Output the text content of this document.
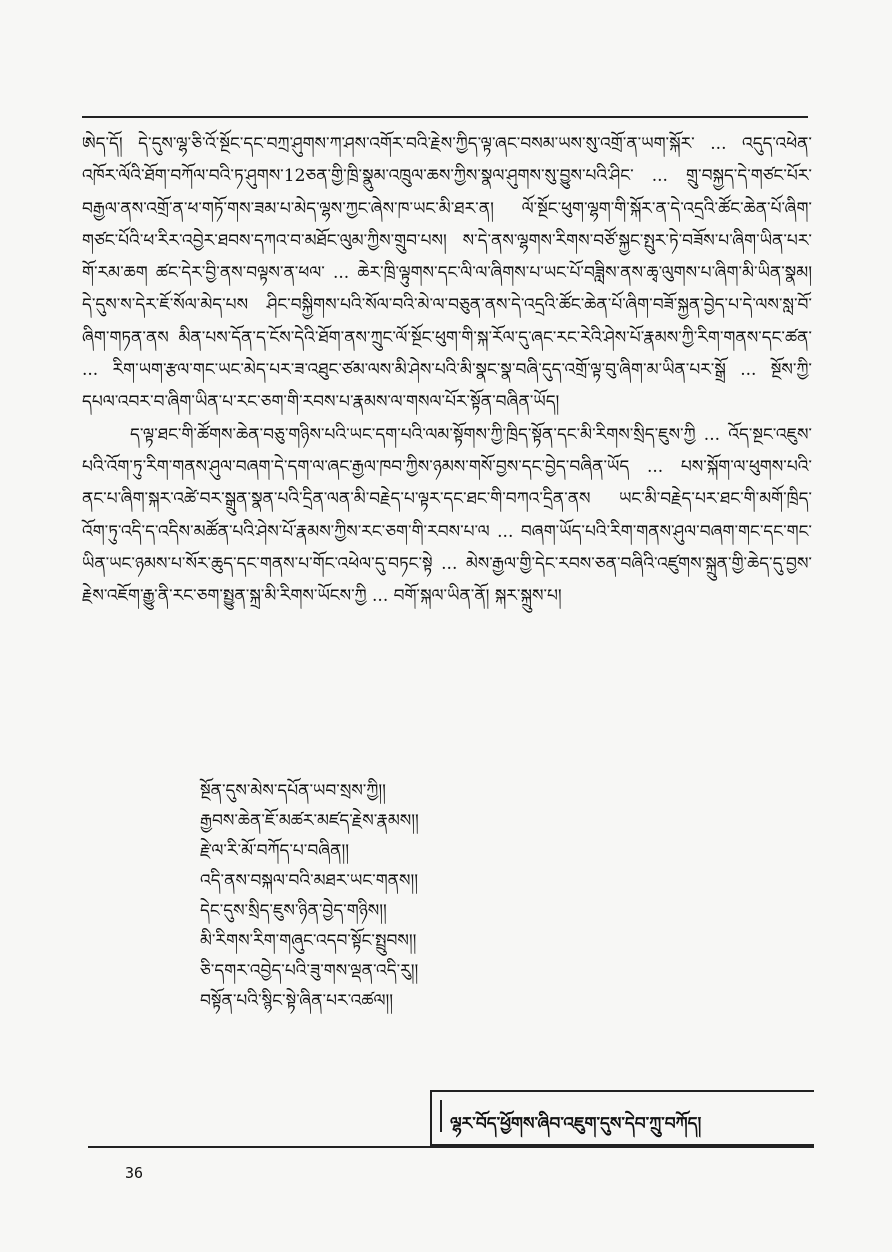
ཨེད་དོ། དེ་དུས་ལྷ་ཅི་འོ་སྔོང་དང་བཀྲ་ཤུགས་ཀ་ཤས་འགོར་བའི་རྗེས་ཀྱིད་ལྟ་ཞང་བསམ་ཡས་སུ་འགྲོ་ན་ཡག་སྐོར་ ... འདུད་འཕེན་འཁོར་ལོའི་ཐོག་བཀོལ་བའི་ཏ་ཤུགས་12ཅན་གྱི་ཁྲི་སྣུམ་འཁྲུལ་ཆས་ཀྱིས་སྣལ་ཤུགས་སུ་བྱུས་པའི་ཤིང་ ... གྲུ་བསྐྱད་དེ་གཙང་པོར་བརྒྱལ་ནས་འགྲོ་ན་ཕ་གཏོ་གས་ཟམ་པ་མེད་ལྷས་ཀྱང་ཞེས་ཁ་ཡང་མི་ཐར་ན། ལོ་སྔོང་ཕུག་ལྷག་གི་སྐོར་ན་དེ་འདྲའི་ཚོང་ཆེན་པོ་ཞིག་གཙང་པོའི་ཕ་རིར་འབྱེར་ཐབས་དཀའ་བ་མཐོང་ལུམ་ཀྱིས་གྲུབ་པས། ས་དེ་ནས་ལྷགས་རིགས་བཙོ་སྐྱང་སྤུར་ཏེ་བཟོས་པ་ཞིག་ཡིན་པར་གོ་རམ་ཆག ཚང་དེར་བྱི་ནས་བལྟས་ན་ཕལ་ ... ཆེར་ཁྲི་ལྟུགས་དང་ལི་ལ་ཞིགས་པ་ཡང་པོ་བཟླིས་ནས་ཆྭ་ལུགས་པ་ཞིག་མི་ཡིན་སྣམ། དེ་དུས་ས་དེར་ཇོ་སོལ་མེད་པས ཤིང་བསྐྱིགས་པའི་སོལ་བའི་མེ་ལ་བཅུན་ནས་དེ་འདྲའི་ཚོང་ཆེན་པོ་ཞིག་བཟོ་སྐྱན་བྱེད་པ་དེ་ལས་སླ་བོ་ཞིག་གཏན་ནས མིན་པས་དོན་ད་ངོས་དེའི་ཐོག་ནས་ཀྲུང་ལོ་སྔོང་ཕུག་གི་སྐ་རོལ་དུ་ཞང་རང་རེའི་ཤེས་པོ་རྣམས་ཀྱི་རིག་གནས་དང་ཚན་ ... རིག་ཡག་རྩལ་གང་ཡང་མེད་པར་ཟ་འཐུང་ཙམ་ལས་མི་ཤེས་པའི་མི་སྣང་སྣ་བཞི་དུད་འགྲོ་ལྟ་བུ་ཞིག་མ་ཡིན་པར་སྒྲོ ... སྔོས་ཀྱི་དཔལ་འབར་བ་ཞིག་ཡིན་པ་རང་ཅག་གི་རབས་པ་རྣམས་ལ་གསལ་པོར་སྟོན་བཞིན་ཡོད།

ད་ལྟ་ཐང་གི་ཚོགས་ཆེན་བཅུ་གཉིས་པའི་ཡང་དག་པའི་ལམ་སྟོགས་ཀྱི་ཁྲིད་སྟོན་དང་མི་རིགས་སྲིད་ཇུས་ཀྱི ... འོད་སྔང་འཇུས་པའི་འོག་ཏུ་རིག་གནས་ཤུལ་བཞག་དེ་དག་ལ་ཞང་རྒྱལ་ཁབ་ཀྱིས་ཉམས་གསོ་བྱས་དང་བྱེད་བཞིན་ཡོད ... པས་སྐོག་ལ་ཕུགས་པའི་ནང་པ་ཞིག་སྐར་འཚེ་བར་སྒྲུན་སྣན་པའི་དྲིན་ལན་མི་བརྗེད་པ་ལྟར་དང་ཐང་གི་བཀའ་དྲིན་ནས ཡང་མི་བརྗེད་པར་ཐང་གི་མགོ་ཁྲིད་འོག་ཏུ་འདི་ད་འདིས་མཚོན་པའི་ཤེས་པོ་རྣམས་ཀྱིས་རང་ཅག་གི་རབས་པ་ལ ... བཞག་ཡོད་པའི་རིག་གནས་ཤུལ་བཞག་གང་དང་གང་ཡིན་ཡང་ཉམས་པ་སོར་ཆུད་དང་གནས་པ་གོང་འཕེལ་དུ་བཏང་སྟེ ... མེས་རྒྱལ་གྱི་དེང་རབས་ཅན་བཞིའི་འཛུགས་སྐྲུན་གྱི་ཆེད་དུ་བྱས་རྗེས་འཇོག་རྒྱུ་ནི་རང་ཅག་སྤྱུན་སྐྲ་མི་རིགས་ཡོངས་ཀྱི ... བགོ་སྐལ་ཡིན་ནོ། སྐར་སྐྲུས་པ།

སྔོན་དུས་མེས་དཔོན་ཡབ་སྲས་ཀྱི།།
རྒྱབས་ཆེན་ཇོ་མཚར་མཛད་རྗེས་རྣམས།།
རྗེ་ལ་རི་མོ་བཀོད་པ་བཞིན།།
འདི་ནས་བསྐལ་བའི་མཐར་ཡང་གནས།།
དེང་དུས་སྲིད་ཇུས་ཉིན་བྱེད་གཉིས།།
མི་རིགས་རིག་གཞུང་འདབ་སྟོང་སྤྲུབས།།
ཅི་དགར་འབྱེད་པའི་ཟུ་གས་ལྡན་འདི་རུ།།
བསྟོན་པའི་སྙིང་སྟེ་ཞིན་པར་འཚལ།།
ལྷར་བོད་ཕྱོགས་ཞིབ་འཇུག་དུས་དེབ་ཀྲུ་བཀོད།
36
